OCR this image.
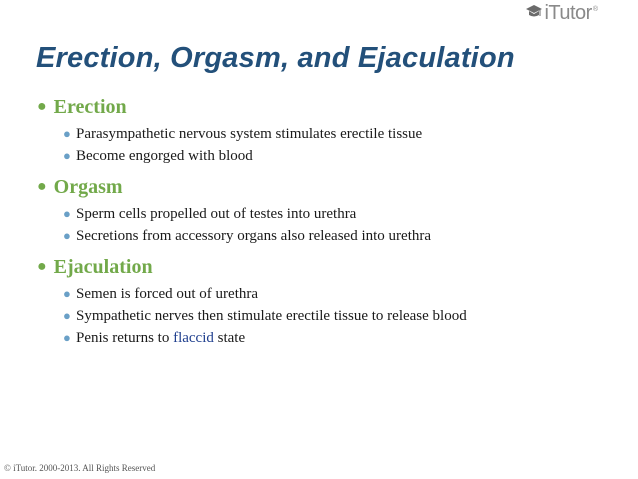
iTutor ®
Erection, Orgasm, and Ejaculation
● Erection
● Parasympathetic nervous system stimulates erectile tissue
● Become engorged with blood
● Orgasm
● Sperm cells propelled out of testes into urethra
● Secretions from accessory organs also released into urethra
● Ejaculation
● Semen is forced out of urethra
● Sympathetic nerves then stimulate erectile tissue to release blood
● Penis returns to flaccid state
© iTutor. 2000-2013. All Rights Reserved
